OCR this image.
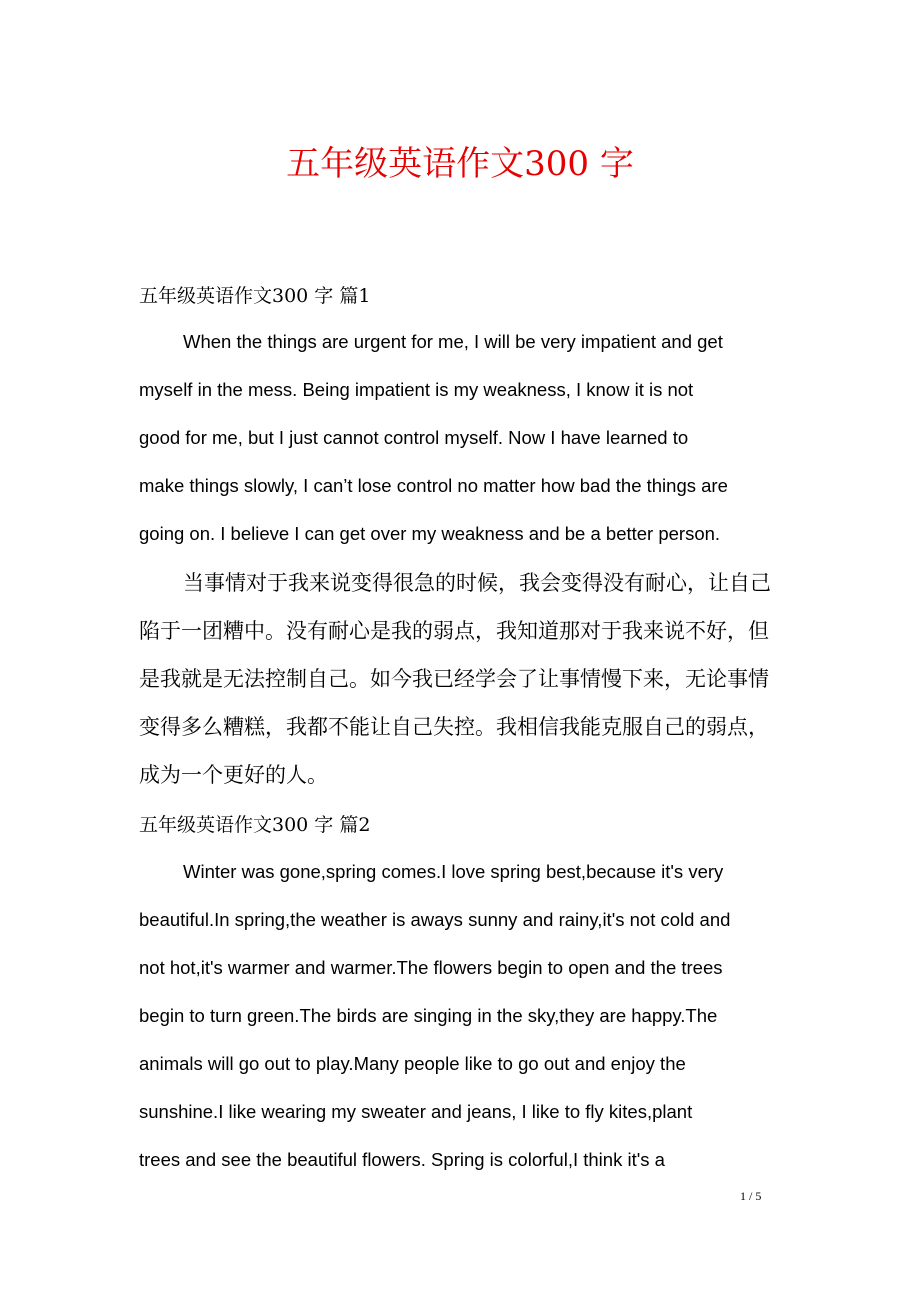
五年级英语作文300 字
五年级英语作文300 字 篇1
When the things are urgent for me, I will be very impatient and get
myself in the mess. Being impatient is my weakness, I know it is not
good for me, but I just cannot control myself. Now I have learned to
make things slowly, I can’t lose control no matter how bad the things are
going on. I believe I can get over my weakness and be a better person.
当事情对于我来说变得很急的时候，我会变得没有耐心，让自己
陷于一团糟中。没有耐心是我的弱点，我知道那对于我来说不好，但
是我就是无法控制自己。如今我已经学会了让事情慢下来，无论事情
变得多么糟糕，我都不能让自己失控。我相信我能克服自己的弱点，
成为一个更好的人。
五年级英语作文300 字 篇2
Winter was gone,spring comes.I love spring best,because it's very
beautiful.In spring,the weather is aways sunny and rainy,it's not cold and
not hot,it's warmer and warmer.The flowers begin to open and the trees
begin to turn green.The birds are singing in the sky,they are happy.The
animals will go out to play.Many people like to go out and enjoy the
sunshine.I like wearing my sweater and jeans, I like to fly kites,plant
trees and see the beautiful flowers. Spring is colorful,I think it's a
1 / 5
